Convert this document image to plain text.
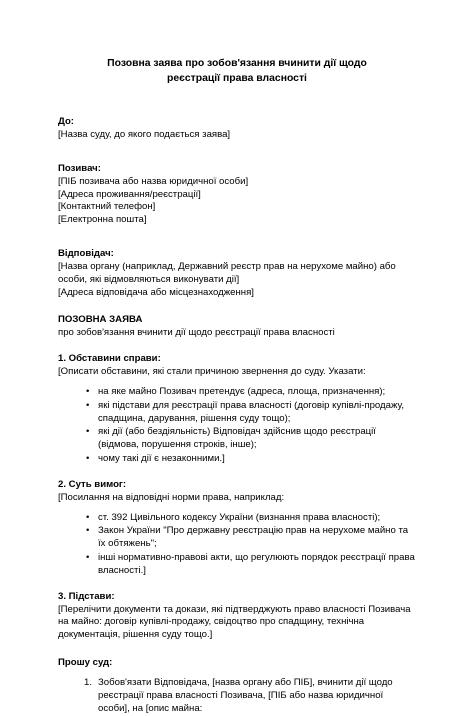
Позовна заява про зобов'язання вчинити дії щодо реєстрації права власності

До:

[Назва суду, до якого подається заява]

Позивач:

[ПІБ позивача або назва юридичної особи]

[Адреса проживання/реєстрації]

[Контактний телефон]

[Електронна пошта]

Відповідач:

[Назва органу (наприклад, Державний реєстр прав на нерухоме майно) або особи, які відмовляються виконувати дії]

[Адреса відповідача або місцезнаходження]

ПОЗОВНА ЗАЯВА

про зобов'язання вчинити дії щодо реєстрації права власності

1. Обставини справи:

[Описати обставини, які стали причиною звернення до суду. Указати:

• на яке майно Позивач претендує (адреса, площа, призначення);
• які підстави для реєстрації права власності (договір купівлі-продажу, спадщина, дарування, рішення суду тощо);
• які дії (або бездіяльність) Відповідач здійснив щодо реєстрації (відмова, порушення строків, інше);
• чому такі дії є незаконними.]

2. Суть вимог:

[Посилання на відповідні норми права, наприклад:

• ст. 392 Цивільного кодексу України (визнання права власності);
• Закон України "Про державну реєстрацію прав на нерухоме майно та їх обтяжень";
• інші нормативно-правові акти, що регулюють порядок реєстрації права власності.]

3. Підстави:

[Перелічити документи та докази, які підтверджують право власності Позивача на майно: договір купівлі-продажу, свідоцтво про спадщину, технічна документація, рішення суду тощо.]

Прошу суд:

1. Зобов'язати Відповідача, [назва органу або ПІБ], вчинити дії щодо реєстрації права власності Позивача, [ПІБ або назва юридичної особи], на [опис майна:
